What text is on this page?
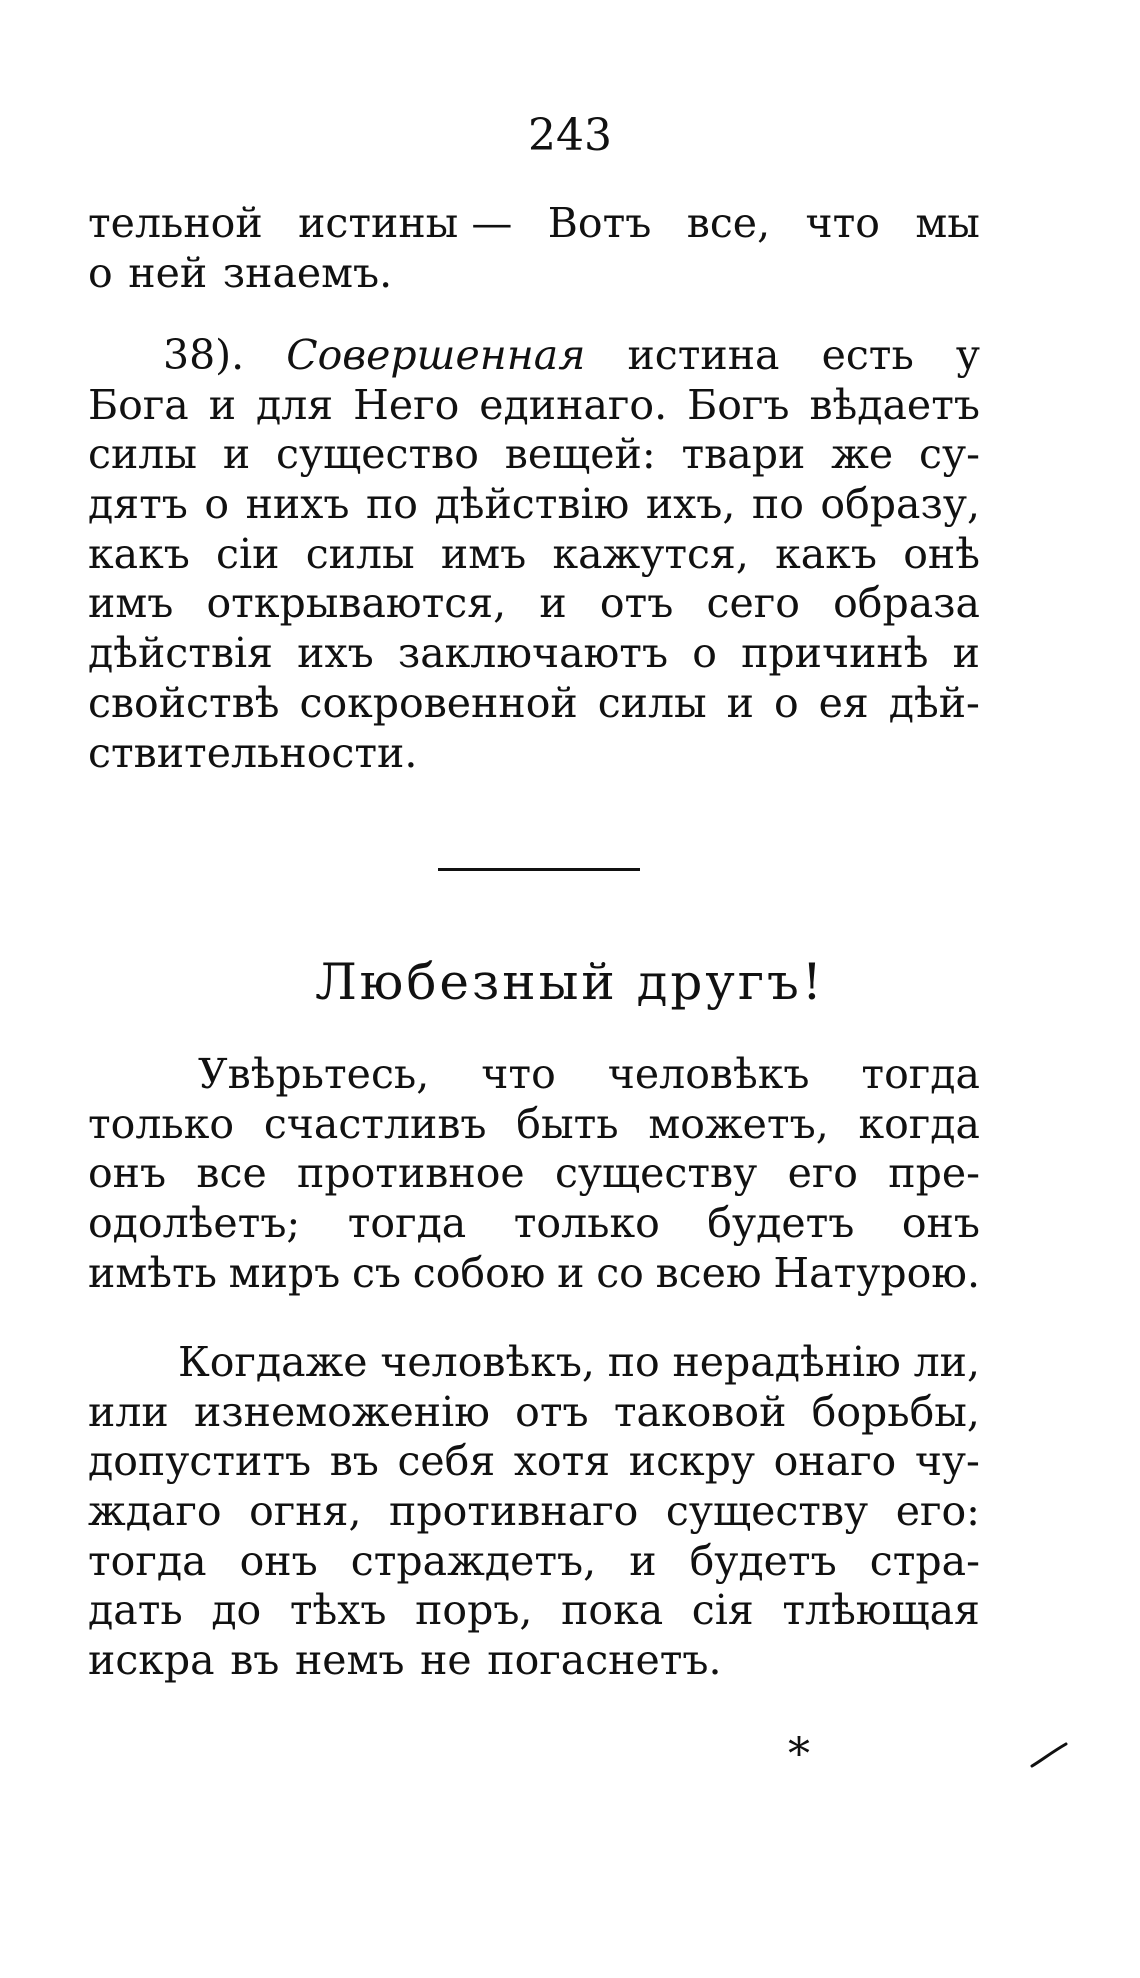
243
тельной истины — Вотъ все, что мы
о ней знаемъ.
38). Совершенная истина есть у
Бога и для Него единаго. Богъ вѣдаетъ
силы и существо вещей: твари же су-
дятъ о нихъ по дѣйствію ихъ, по образу,
какъ сіи силы имъ кажутся, какъ онѣ
имъ открываются, и отъ сего образа
дѣйствія ихъ заключаютъ о причинѣ и
свойствѣ сокровенной силы и о ея дѣй-
ствительности.
Любезный другъ!
Увѣрьтесь, что человѣкъ тогда
только счастливъ быть можетъ, когда
онъ все противное существу его пре-
одолѣетъ; тогда только будетъ онъ
имѣть миръ съ собою и со всею Натурою.
Когдаже человѣкъ, по нерадѣнію ли,
или изнеможенію отъ таковой борьбы,
допуститъ въ себя хотя искру онаго чу-
ждаго огня, противнаго существу его:
тогда онъ страждетъ, и будетъ стра-
дать до тѣхъ поръ, пока сія тлѣющая
искра въ немъ не погаснетъ.
*
